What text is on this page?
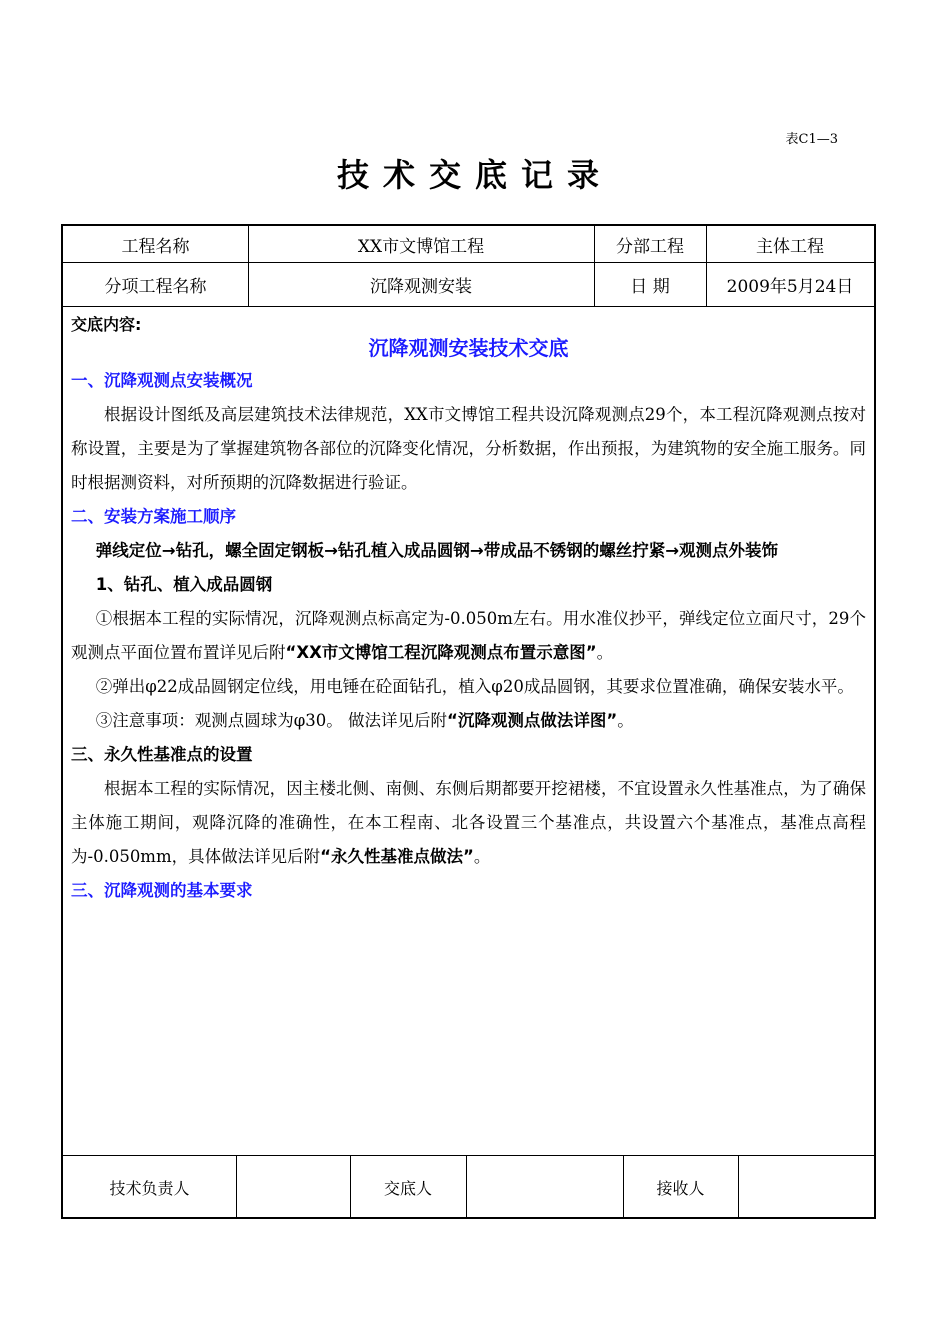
表C1—3
技术交底记录
工程名称	XX市文博馆工程	分部工程	主体工程
分项工程名称	沉降观测安装	日 期	2009年5月24日

交底内容:

沉降观测安装技术交底

一、沉降观测点安装概况

根据设计图纸及高层建筑技术法律规范，XX市文博馆工程共设沉降观测点29个，本工程沉降观测点按对称设置，主要是为了掌握建筑物各部位的沉降变化情况，分析数据，作出预报，为建筑物的安全施工服务。同时根据测资料，对所预期的沉降数据进行验证。

二、安装方案施工顺序

弹线定位→钻孔，螺全固定钢板→钻孔植入成品圆钢→带成品不锈钢的螺丝拧紧→观测点外装饰

1、钻孔、植入成品圆钢

①根据本工程的实际情况，沉降观测点标高定为-0.050m左右。用水准仪抄平，弹线定位立面尺寸，29个观测点平面位置布置详见后附“XX市文博馆工程沉降观测点布置示意图”。

②弹出φ22成品圆钢定位线，用电锤在砼面钻孔，植入φ20成品圆钢，其要求位置准确，确保安装水平。

③注意事项：观测点圆球为φ30。 做法详见后附“沉降观测点做法详图”。

三、永久性基准点的设置

根据本工程的实际情况，因主楼北侧、南侧、东侧后期都要开挖裙楼，不宜设置永久性基准点，为了确保主体施工期间，观降沉降的准确性，在本工程南、北各设置三个基准点，共设置六个基准点，基准点高程为-0.050mm，具体做法详见后附“永久性基准点做法”。

三、沉降观测的基本要求

技术负责人	交底人	接收人
